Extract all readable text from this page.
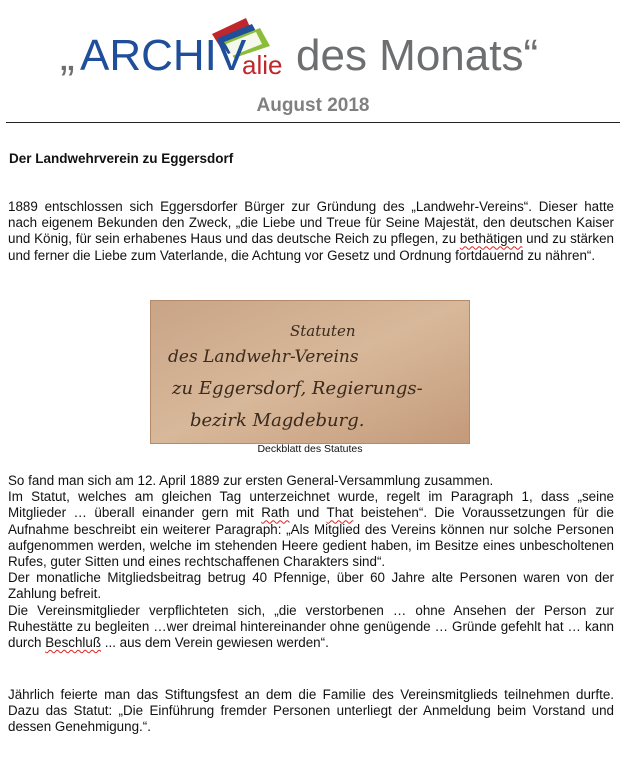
„ ARCHIV
alie des Monats“
August 2018
Der Landwehrverein zu Eggersdorf

1889 entschlossen sich Eggersdorfer Bürger zur Gründung des „Landwehr-Vereins“. Dieser hatte nach eigenem Bekunden den Zweck, „die Liebe und Treue für Seine Majestät, den deutschen Kaiser und König, für sein erhabenes Haus und das deutsche Reich zu pflegen, zu bethätigen und zu stärken und ferner die Liebe zum Vaterlande, die Achtung vor Gesetz und Ordnung fortdauernd zu nähren“.

Statuten
des Landwehr-Vereins
zu Eggersdorf, Regierungs-
bezirk Magdeburg.
Deckblatt des Statutes

So fand man sich am 12. April 1889 zur ersten General-Versammlung zusammen.
Im Statut, welches am gleichen Tag unterzeichnet wurde, regelt im Paragraph 1, dass „seine Mitglieder … überall einander gern mit Rath und That beistehen“. Die Voraussetzungen für die Aufnahme beschreibt ein weiterer Paragraph: „Als Mitglied des Vereins können nur solche Personen aufgenommen werden, welche im stehenden Heere gedient haben, im Besitze eines unbescholtenen Rufes, guter Sitten und eines rechtschaffenen Charakters sind“.
Der monatliche Mitgliedsbeitrag betrug 40 Pfennige, über 60 Jahre alte Personen waren von der Zahlung befreit.
Die Vereinsmitglieder verpflichteten sich, „die verstorbenen … ohne Ansehen der Person zur Ruhestätte zu begleiten …wer dreimal hintereinander ohne genügende … Gründe gefehlt hat … kann durch Beschluß ... aus dem Verein gewiesen werden“.

Jährlich feierte man das Stiftungsfest an dem die Familie des Vereinsmitglieds teilnehmen durfte. Dazu das Statut: „Die Einführung fremder Personen unterliegt der Anmeldung beim Vorstand und dessen Genehmigung.“.
